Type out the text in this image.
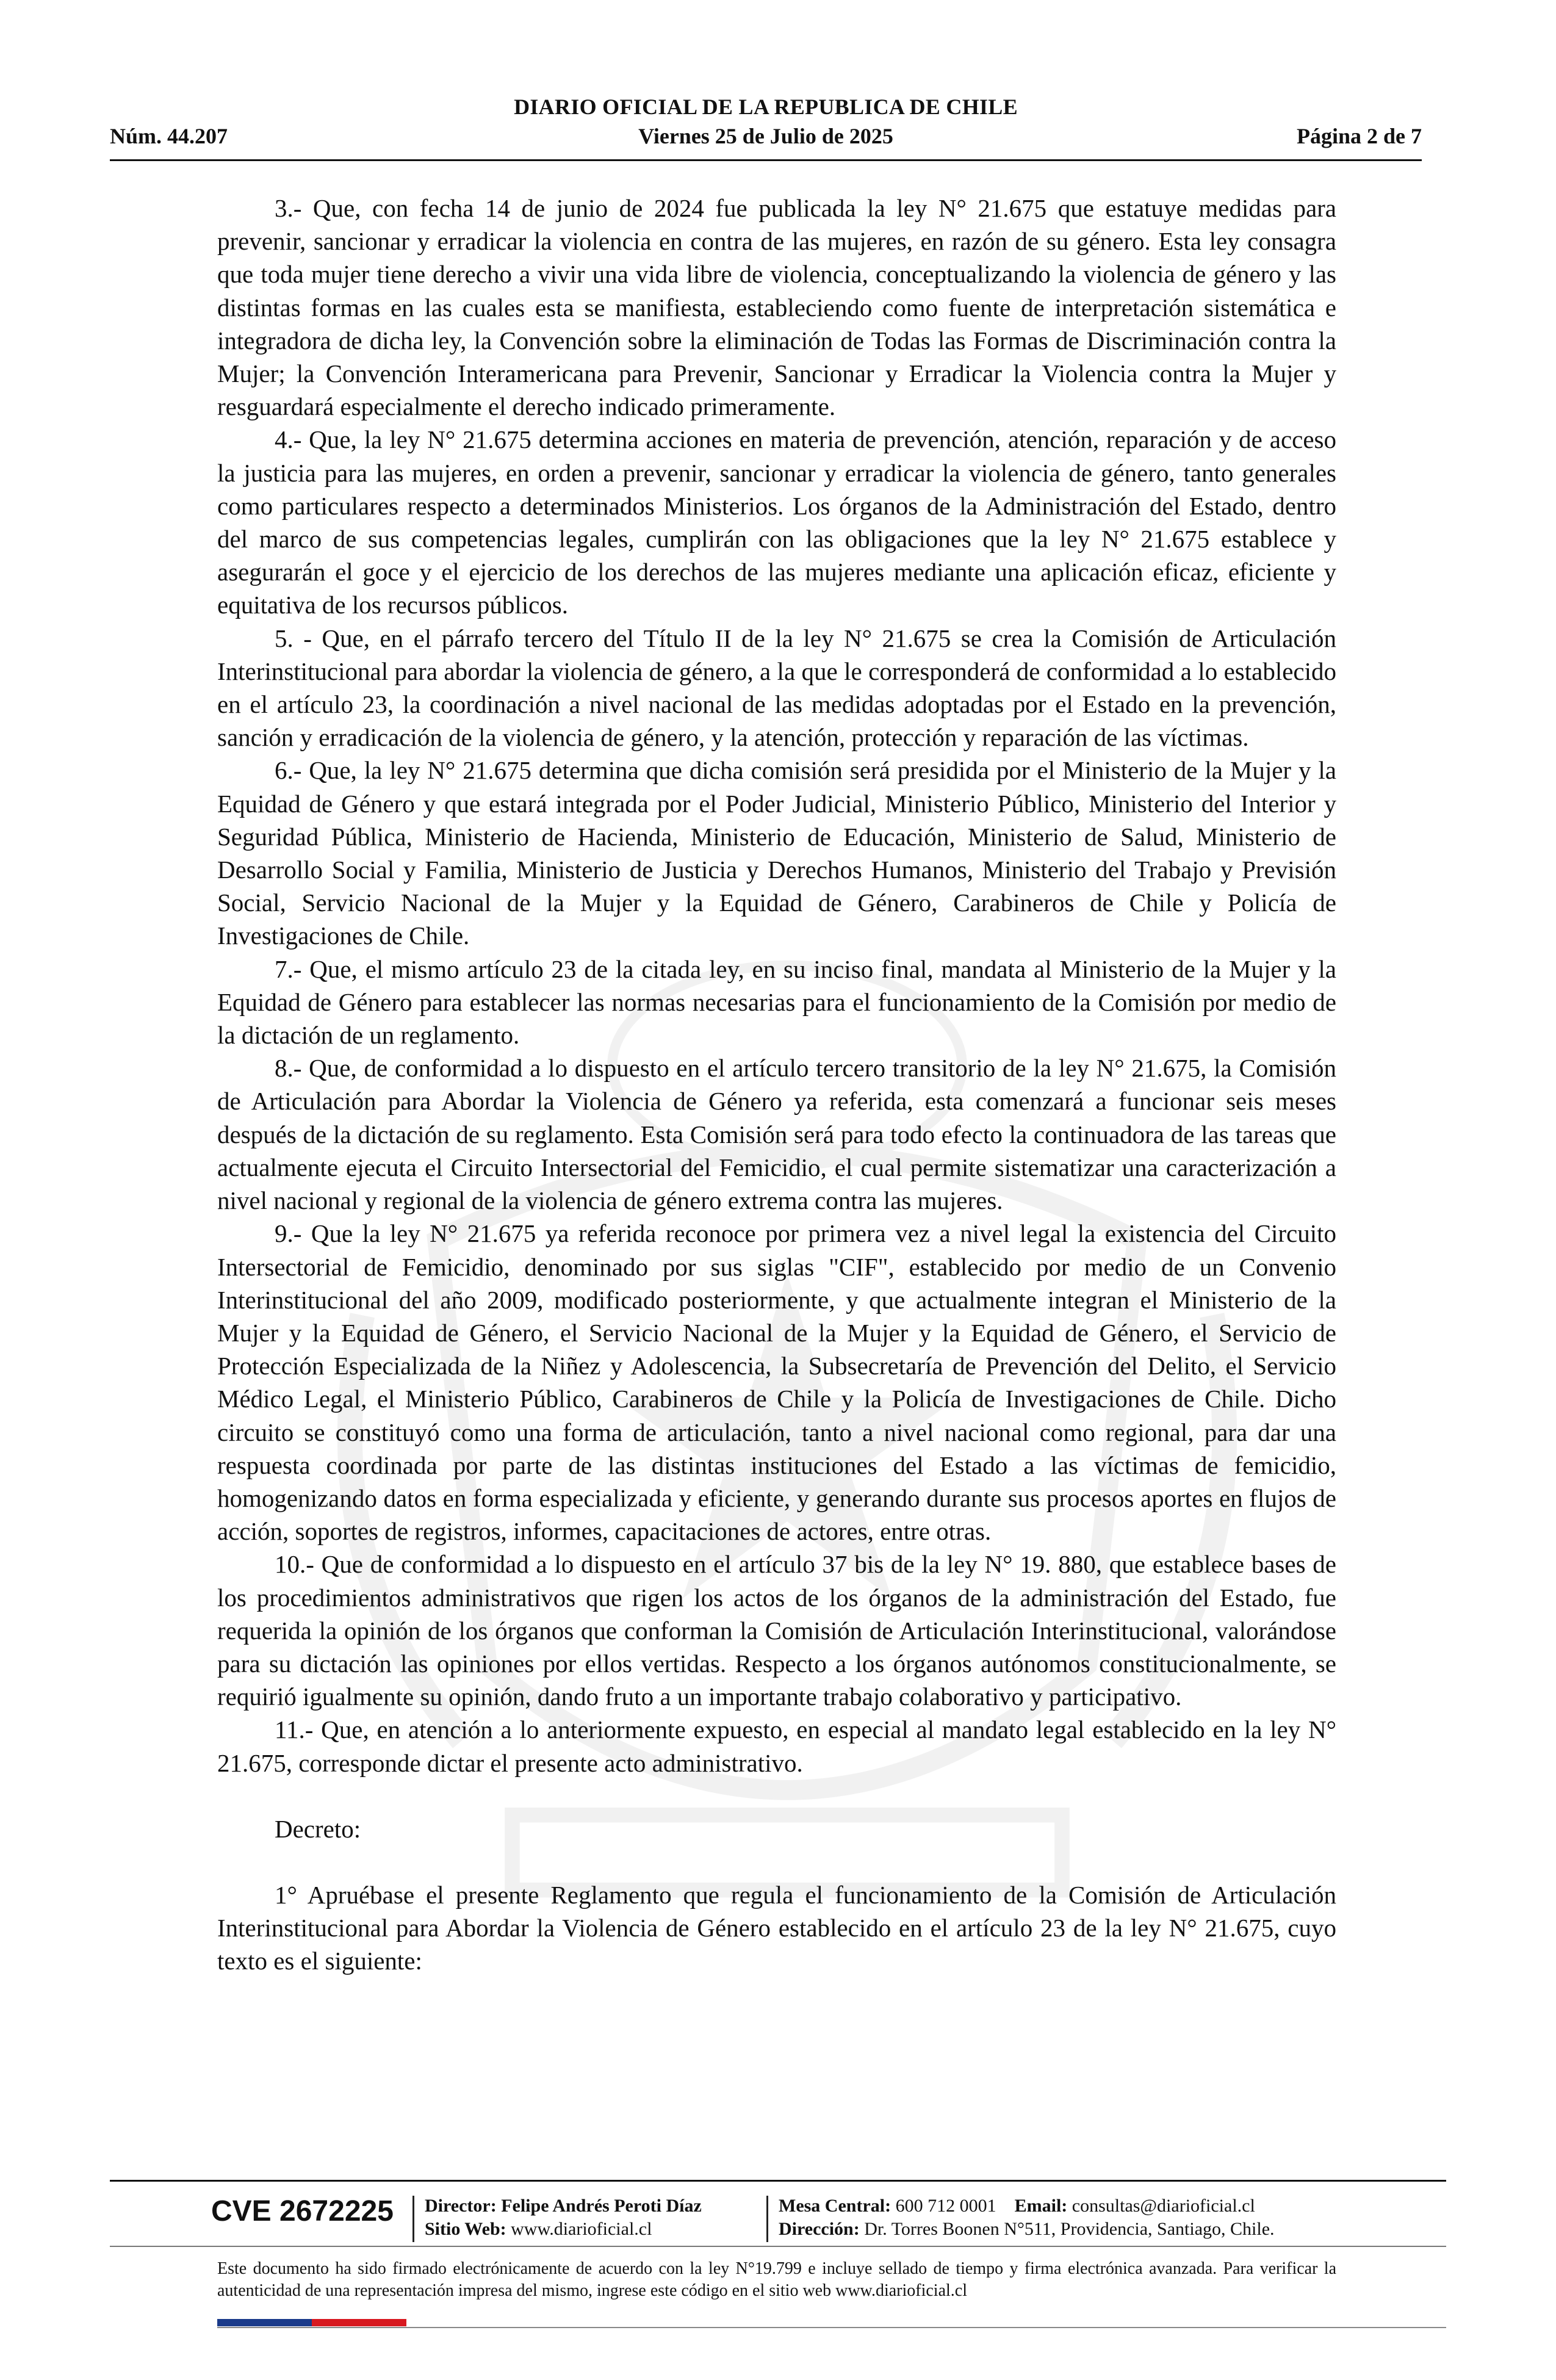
DIARIO OFICIAL DE LA REPUBLICA DE CHILE
Núm. 44.207	Viernes 25 de Julio de 2025	Página 2 de 7

3.- Que, con fecha 14 de junio de 2024 fue publicada la ley N° 21.675 que estatuye medidas para prevenir, sancionar y erradicar la violencia en contra de las mujeres, en razón de su género. Esta ley consagra que toda mujer tiene derecho a vivir una vida libre de violencia, conceptualizando la violencia de género y las distintas formas en las cuales esta se manifiesta, estableciendo como fuente de interpretación sistemática e integradora de dicha ley, la Convención sobre la eliminación de Todas las Formas de Discriminación contra la Mujer; la Convención Interamericana para Prevenir, Sancionar y Erradicar la Violencia contra la Mujer y resguardará especialmente el derecho indicado primeramente.

4.- Que, la ley N° 21.675 determina acciones en materia de prevención, atención, reparación y de acceso la justicia para las mujeres, en orden a prevenir, sancionar y erradicar la violencia de género, tanto generales como particulares respecto a determinados Ministerios. Los órganos de la Administración del Estado, dentro del marco de sus competencias legales, cumplirán con las obligaciones que la ley N° 21.675 establece y asegurarán el goce y el ejercicio de los derechos de las mujeres mediante una aplicación eficaz, eficiente y equitativa de los recursos públicos.

5. - Que, en el párrafo tercero del Título II de la ley N° 21.675 se crea la Comisión de Articulación Interinstitucional para abordar la violencia de género, a la que le corresponderá de conformidad a lo establecido en el artículo 23, la coordinación a nivel nacional de las medidas adoptadas por el Estado en la prevención, sanción y erradicación de la violencia de género, y la atención, protección y reparación de las víctimas.

6.- Que, la ley N° 21.675 determina que dicha comisión será presidida por el Ministerio de la Mujer y la Equidad de Género y que estará integrada por el Poder Judicial, Ministerio Público, Ministerio del Interior y Seguridad Pública, Ministerio de Hacienda, Ministerio de Educación, Ministerio de Salud, Ministerio de Desarrollo Social y Familia, Ministerio de Justicia y Derechos Humanos, Ministerio del Trabajo y Previsión Social, Servicio Nacional de la Mujer y la Equidad de Género, Carabineros de Chile y Policía de Investigaciones de Chile.

7.- Que, el mismo artículo 23 de la citada ley, en su inciso final, mandata al Ministerio de la Mujer y la Equidad de Género para establecer las normas necesarias para el funcionamiento de la Comisión por medio de la dictación de un reglamento.

8.- Que, de conformidad a lo dispuesto en el artículo tercero transitorio de la ley N° 21.675, la Comisión de Articulación para Abordar la Violencia de Género ya referida, esta comenzará a funcionar seis meses después de la dictación de su reglamento. Esta Comisión será para todo efecto la continuadora de las tareas que actualmente ejecuta el Circuito Intersectorial del Femicidio, el cual permite sistematizar una caracterización a nivel nacional y regional de la violencia de género extrema contra las mujeres.

9.- Que la ley N° 21.675 ya referida reconoce por primera vez a nivel legal la existencia del Circuito Intersectorial de Femicidio, denominado por sus siglas "CIF", establecido por medio de un Convenio Interinstitucional del año 2009, modificado posteriormente, y que actualmente integran el Ministerio de la Mujer y la Equidad de Género, el Servicio Nacional de la Mujer y la Equidad de Género, el Servicio de Protección Especializada de la Niñez y Adolescencia, la Subsecretaría de Prevención del Delito, el Servicio Médico Legal, el Ministerio Público, Carabineros de Chile y la Policía de Investigaciones de Chile. Dicho circuito se constituyó como una forma de articulación, tanto a nivel nacional como regional, para dar una respuesta coordinada por parte de las distintas instituciones del Estado a las víctimas de femicidio, homogenizando datos en forma especializada y eficiente, y generando durante sus procesos aportes en flujos de acción, soportes de registros, informes, capacitaciones de actores, entre otras.

10.- Que de conformidad a lo dispuesto en el artículo 37 bis de la ley N° 19. 880, que establece bases de los procedimientos administrativos que rigen los actos de los órganos de la administración del Estado, fue requerida la opinión de los órganos que conforman la Comisión de Articulación Interinstitucional, valorándose para su dictación las opiniones por ellos vertidas. Respecto a los órganos autónomos constitucionalmente, se requirió igualmente su opinión, dando fruto a un importante trabajo colaborativo y participativo.

11.- Que, en atención a lo anteriormente expuesto, en especial al mandato legal establecido en la ley N° 21.675, corresponde dictar el presente acto administrativo.

Decreto:

1° Apruébase el presente Reglamento que regula el funcionamiento de la Comisión de Articulación Interinstitucional para Abordar la Violencia de Género establecido en el artículo 23 de la ley N° 21.675, cuyo texto es el siguiente:

CVE 2672225	Director: Felipe Andrés Peroti Díaz
Sitio Web: www.diarioficial.cl
Mesa Central: 600 712 0001 Email: consultas@diarioficial.cl
Dirección: Dr. Torres Boonen N°511, Providencia, Santiago, Chile.
Este documento ha sido firmado electrónicamente de acuerdo con la ley N°19.799 e incluye sellado de tiempo y firma electrónica avanzada. Para verificar la autenticidad de una representación impresa del mismo, ingrese este código en el sitio web www.diarioficial.cl
